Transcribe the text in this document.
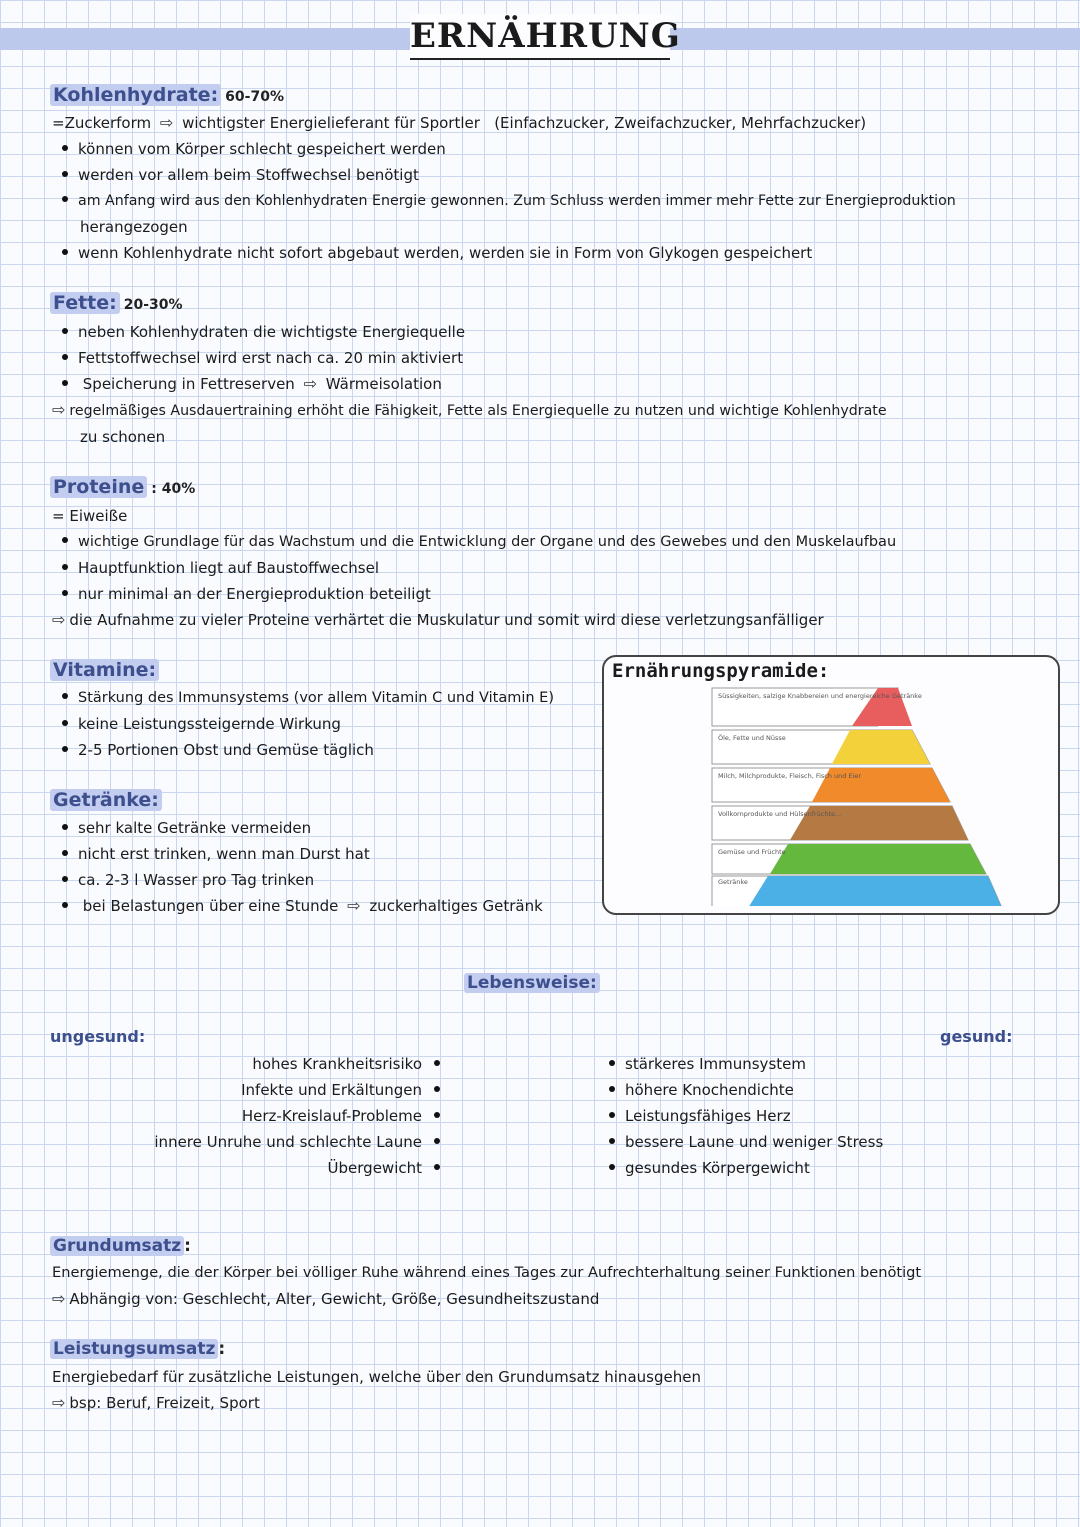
ERNÄHRUNG
Kohlenhydrate: 60-70%
=Zuckerform ⇨ wichtigster Energielieferant für Sportler (Einfachzucker, Zweifachzucker, Mehrfachzucker)
können vom Körper schlecht gespeichert werden
werden vor allem beim Stoffwechsel benötigt
am Anfang wird aus den Kohlenhydraten Energie gewonnen. Zum Schluss werden immer mehr Fette zur Energieproduktion
herangezogen
wenn Kohlenhydrate nicht sofort abgebaut werden, werden sie in Form von Glykogen gespeichert
Fette: 20-30%
neben Kohlenhydraten die wichtigste Energiequelle
Fettstoffwechsel wird erst nach ca. 20 min aktiviert
Speicherung in Fettreserven ⇨ Wärmeisolation
⇨ regelmäßiges Ausdauertraining erhöht die Fähigkeit, Fette als Energiequelle zu nutzen und wichtige Kohlenhydrate
zu schonen
Proteine : 40%
= Eiweiße
wichtige Grundlage für das Wachstum und die Entwicklung der Organe und des Gewebes und den Muskelaufbau
Hauptfunktion liegt auf Baustoffwechsel
nur minimal an der Energieproduktion beteiligt
⇨ die Aufnahme zu vieler Proteine verhärtet die Muskulatur und somit wird diese verletzungsanfälliger
Vitamine:
Stärkung des Immunsystems (vor allem Vitamin C und Vitamin E)
keine Leistungssteigernde Wirkung
2-5 Portionen Obst und Gemüse täglich
Getränke:
sehr kalte Getränke vermeiden
nicht erst trinken, wenn man Durst hat
ca. 2-3 l Wasser pro Tag trinken
bei Belastungen über eine Stunde ⇨ zuckerhaltiges Getränk
Ernährungspyramide:
Süssigkeiten, salzige Knabbereien und energiereiche Getränke
Öle, Fette und Nüsse
Milch, Milchprodukte, Fleisch, Fisch und Eier
Vollkornprodukte und Hülsenfrüchte...
Gemüse und Früchte
Getränke
Lebensweise:
ungesund:	gesund:
hohes Krankheitsrisiko
Infekte und Erkältungen
Herz-Kreislauf-Probleme
innere Unruhe und schlechte Laune
Übergewicht
stärkeres Immunsystem
höhere Knochendichte
Leistungsfähiges Herz
bessere Laune und weniger Stress
gesundes Körpergewicht
Grundumsatz :
Energiemenge, die der Körper bei völliger Ruhe während eines Tages zur Aufrechterhaltung seiner Funktionen benötigt
⇨ Abhängig von: Geschlecht, Alter, Gewicht, Größe, Gesundheitszustand
Leistungsumsatz :
Energiebedarf für zusätzliche Leistungen, welche über den Grundumsatz hinausgehen
⇨ bsp: Beruf, Freizeit, Sport
